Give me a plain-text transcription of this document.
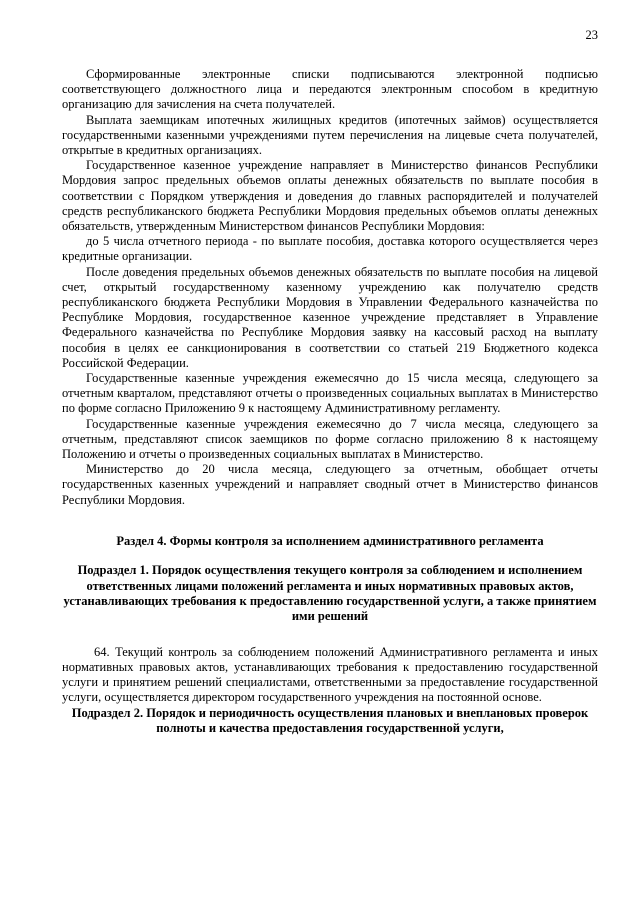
23

Сформированные электронные списки подписываются электронной подписью соответствующего должностного лица и передаются электронным способом в кредитную организацию для зачисления на счета получателей.

Выплата заемщикам ипотечных жилищных кредитов (ипотечных займов) осуществляется государственными казенными учреждениями путем перечисления на лицевые счета получателей, открытые в кредитных организациях.

Государственное казенное учреждение направляет в Министерство финансов Республики Мордовия запрос предельных объемов оплаты денежных обязательств по выплате пособия в соответствии с Порядком утверждения и доведения до главных распорядителей и получателей средств республиканского бюджета Республики Мордовия предельных объемов оплаты денежных обязательств, утвержденным Министерством финансов Республики Мордовия:

до 5 числа отчетного периода - по выплате пособия, доставка которого осуществляется через кредитные организации.

После доведения предельных объемов денежных обязательств по выплате пособия на лицевой счет, открытый государственному казенному учреждению как получателю средств республиканского бюджета Республики Мордовия в Управлении Федерального казначейства по Республике Мордовия, государственное казенное учреждение представляет в Управление Федерального казначейства по Республике Мордовия заявку на кассовый расход на выплату пособия в целях ее санкционирования в соответствии со статьей 219 Бюджетного кодекса Российской Федерации.

Государственные казенные учреждения ежемесячно до 15 числа месяца, следующего за отчетным кварталом, представляют отчеты о произведенных социальных выплатах в Министерство по форме согласно Приложению 9 к настоящему Административному регламенту.

Государственные казенные учреждения ежемесячно до 7 числа месяца, следующего за отчетным, представляют список заемщиков по форме согласно приложению 8 к настоящему Положению и отчеты о произведенных социальных выплатах в Министерство.

Министерство до 20 числа месяца, следующего за отчетным, обобщает отчеты государственных казенных учреждений и направляет сводный отчет в Министерство финансов Республики Мордовия.

Раздел 4. Формы контроля за исполнением административного регламента

Подраздел 1. Порядок осуществления текущего контроля за соблюдением и исполнением ответственных лицами положений регламента и иных нормативных правовых актов, устанавливающих требования к предоставлению государственной услуги, а также принятием ими решений

64. Текущий контроль за соблюдением положений Административного регламента и иных нормативных правовых актов, устанавливающих требования к предоставлению государственной услуги и принятием решений специалистами, ответственными за предоставление государственной услуги, осуществляется директором государственного учреждения на постоянной основе.

Подраздел 2. Порядок и периодичность осуществления плановых и внеплановых проверок полноты и качества предоставления государственной услуги,
